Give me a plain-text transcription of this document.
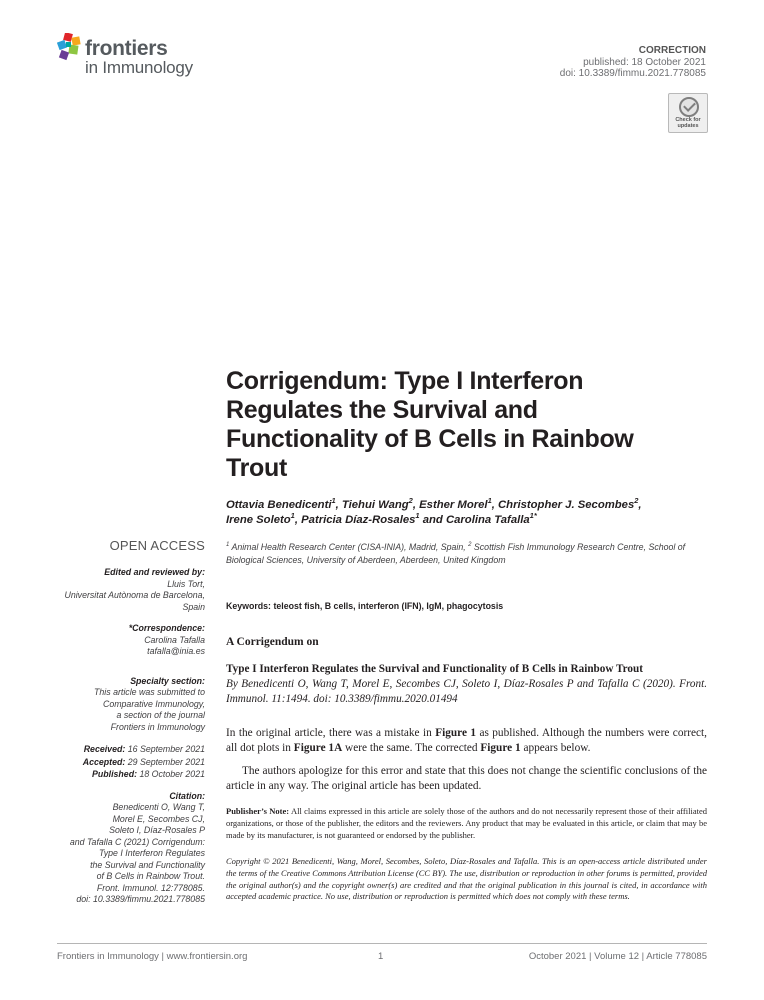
frontiers
in Immunology
CORRECTION
published: 18 October 2021
doi: 10.3389/fimmu.2021.778085
Check for updates
Corrigendum: Type I Interferon Regulates the Survival and Functionality of B Cells in Rainbow Trout
Ottavia Benedicenti$^1$, Tiehui Wang$^2$, Esther Morel$^1$, Christopher J. Secombes$^2$,
Irene Soleto$^1$, Patricia Díaz-Rosales$^1$ and Carolina Tafalla$^{1*}$
$^1$ Animal Health Research Center (CISA-INIA), Madrid, Spain, $^2$ Scottish Fish Immunology Research Centre, School of Biological Sciences, University of Aberdeen, Aberdeen, United Kingdom
Keywords: teleost fish, B cells, interferon (IFN), IgM, phagocytosis
OPEN ACCESS
Edited and reviewed by:
Lluis Tort,
Universitat Autònoma de Barcelona,
Spain
*Correspondence:
Carolina Tafalla
tafalla@inia.es
Specialty section:
This article was submitted to
Comparative Immunology,
a section of the journal
Frontiers in Immunology
Received: 16 September 2021
Accepted: 29 September 2021
Published: 18 October 2021
Citation:
Benedicenti O, Wang T,
Morel E, Secombes CJ,
Soleto I, Díaz-Rosales P
and Tafalla C (2021) Corrigendum:
Type I Interferon Regulates
the Survival and Functionality
of B Cells in Rainbow Trout.
Front. Immunol. 12:778085.
doi: 10.3389/fimmu.2021.778085
A Corrigendum on
Type I Interferon Regulates the Survival and Functionality of B Cells in Rainbow Trout
By Benedicenti O, Wang T, Morel E, Secombes CJ, Soleto I, Díaz-Rosales P and Tafalla C (2020). Front. Immunol. 11:1494. doi: 10.3389/fimmu.2020.01494
In the original article, there was a mistake in Figure 1 as published. Although the numbers were correct, all dot plots in Figure 1A were the same. The corrected Figure 1 appears below.
The authors apologize for this error and state that this does not change the scientific conclusions of the article in any way. The original article has been updated.
Publisher’s Note: All claims expressed in this article are solely those of the authors and do not necessarily represent those of their affiliated organizations, or those of the publisher, the editors and the reviewers. Any product that may be evaluated in this article, or claim that may be made by its manufacturer, is not guaranteed or endorsed by the publisher.
Copyright © 2021 Benedicenti, Wang, Morel, Secombes, Soleto, Díaz-Rosales and Tafalla. This is an open-access article distributed under the terms of the Creative Commons Attribution License (CC BY). The use, distribution or reproduction in other forums is permitted, provided the original author(s) and the copyright owner(s) are credited and that the original publication in this journal is cited, in accordance with accepted academic practice. No use, distribution or reproduction is permitted which does not comply with these terms.
Frontiers in Immunology | www.frontiersin.org	1	October 2021 | Volume 12 | Article 778085
